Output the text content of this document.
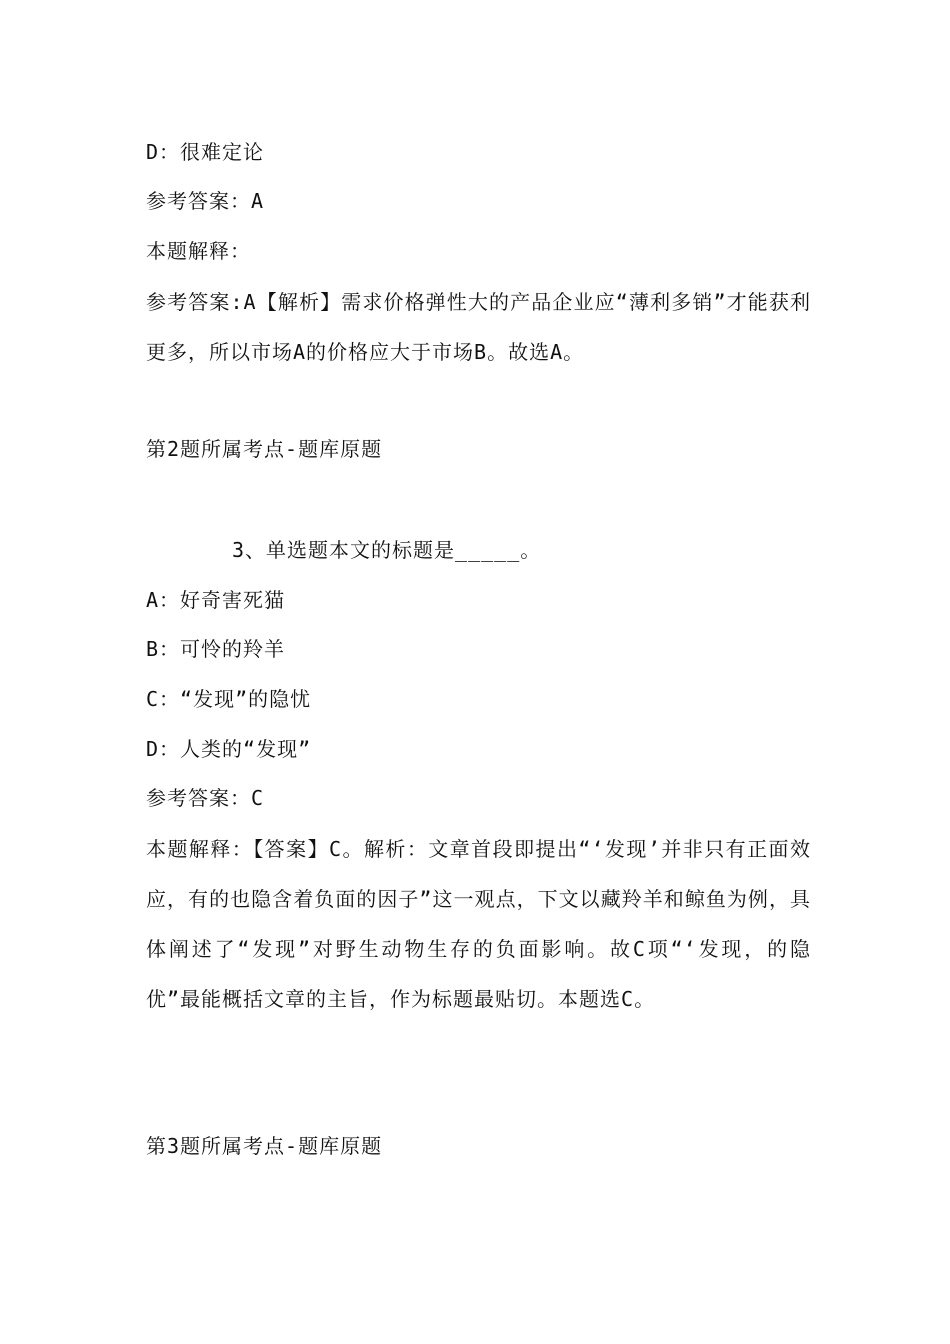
D：很难定论
参考答案：A
本题解释：
参考答案:A【解析】需求价格弹性大的产品企业应“薄利多销”才能获利更多，所以市场A的价格应大于市场B。故选A。
第2题所属考点-题库原题
3、单选题本文的标题是_____。
A：好奇害死猫
B：可怜的羚羊
C：“发现”的隐忧
D：人类的“发现”
参考答案：C
本题解释：【答案】C。解析：文章首段即提出“‘发现’并非只有正面效应，有的也隐含着负面的因子”这一观点，下文以藏羚羊和鲸鱼为例，具体阐述了“发现”对野生动物生存的负面影响。故C项“‘发现，的隐优”最能概括文章的主旨，作为标题最贴切。本题选C。
第3题所属考点-题库原题
